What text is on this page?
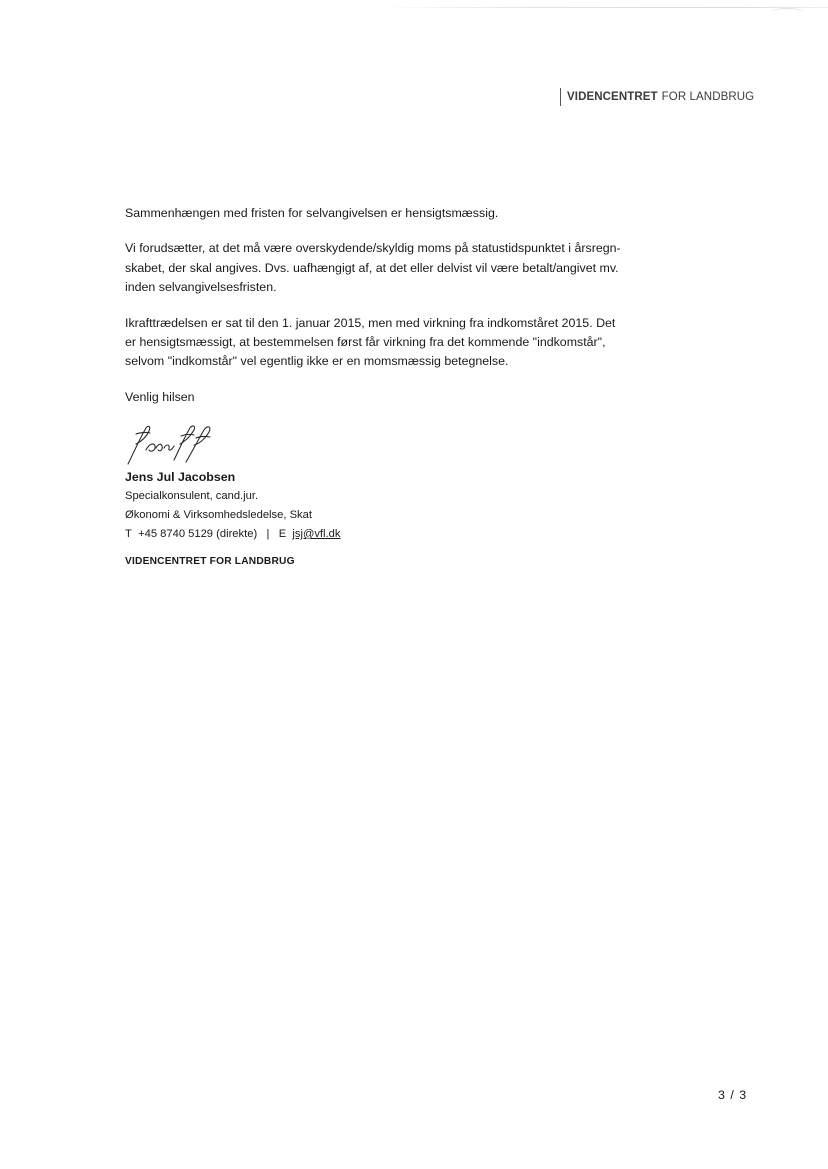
VIDENCENTRET FOR LANDBRUG

Sammenhængen med fristen for selvangivelsen er hensigtsmæssig.

Vi forudsætter, at det må være overskydende/skyldig moms på statustidspunktet i årsregn-
skabet, der skal angives. Dvs. uafhængigt af, at det eller delvist vil være betalt/angivet mv.
inden selvangivelsesfristen.

Ikrafttrædelsen er sat til den 1. januar 2015, men med virkning fra indkomståret 2015. Det
er hensigtsmæssigt, at bestemmelsen først får virkning fra det kommende "indkomstår",
selvom "indkomstår" vel egentlig ikke er en momsmæssig betegnelse.

Venlig hilsen

Jens Jul Jacobsen
Specialkonsulent, cand.jur.
Økonomi & Virksomhedsledelse, Skat
T +45 8740 5129 (direkte) | E jsj@vfl.dk
VIDENCENTRET FOR LANDBRUG
3 / 3
